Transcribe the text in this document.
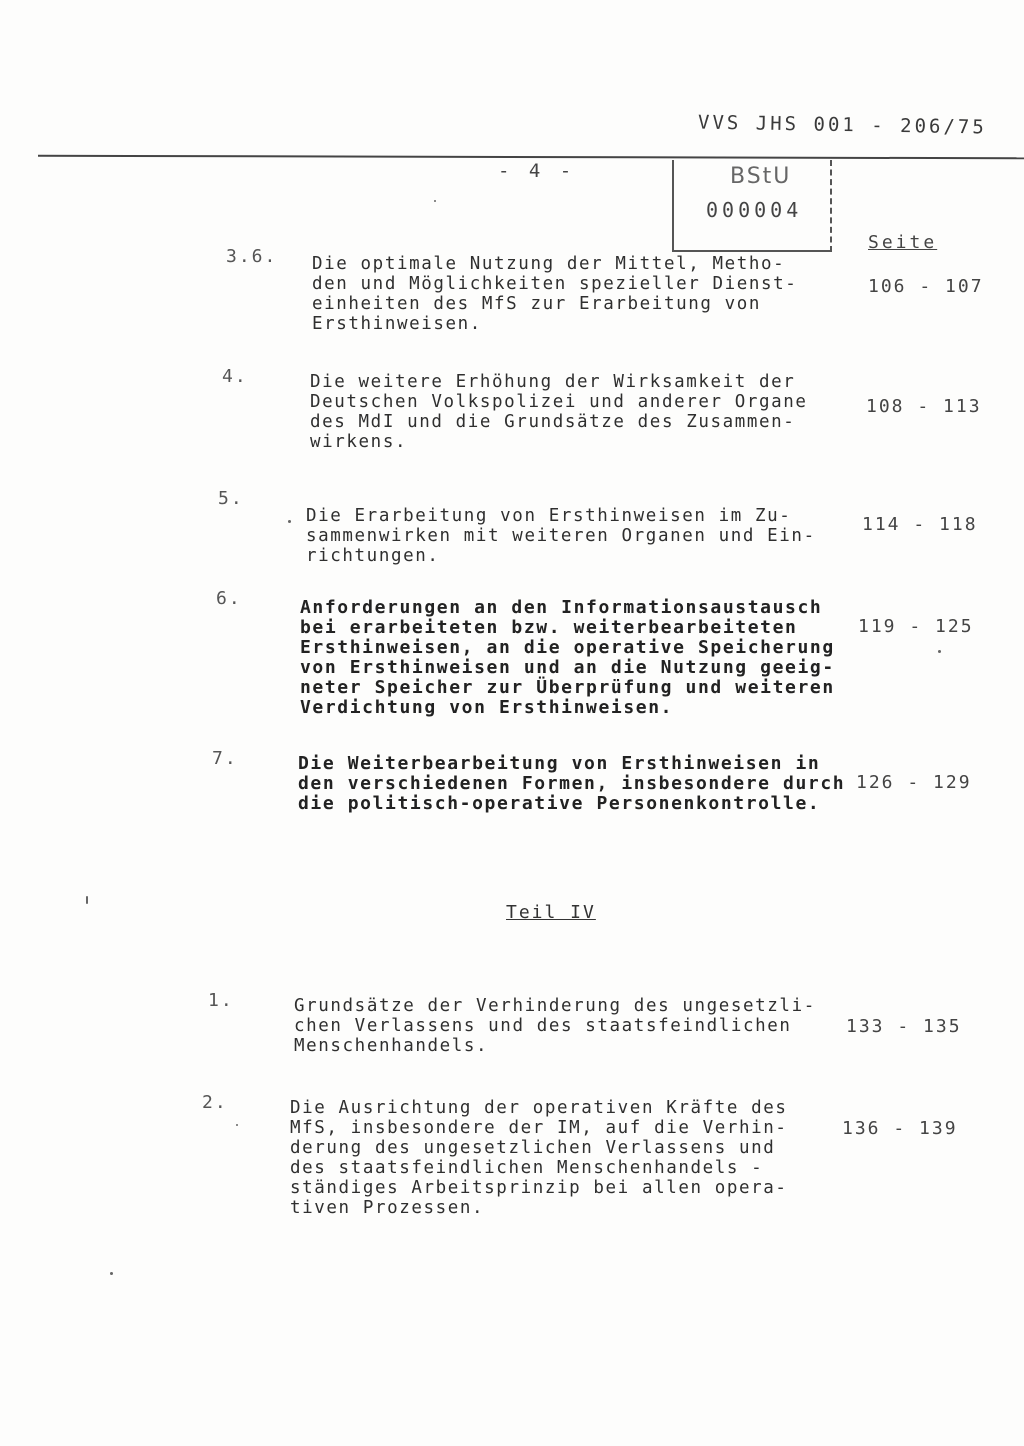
VVS JHS 001 - 206/75
- 4 -	BStU
000004
Seite
3.6. Die optimale Nutzung der Mittel, Metho-
den und Möglichkeiten spezieller Dienst-
einheiten des MfS zur Erarbeitung von
Ersthinweisen.
106 - 107
4.	Die weitere Erhöhung der Wirksamkeit der
Deutschen Volkspolizei und anderer Organe
des MdI und die Grundsätze des Zusammen-
wirkens.
108 - 113
5.
Die Erarbeitung von Ersthinweisen im Zu-
sammenwirken mit weiteren Organen und Ein-
richtungen.
114 - 118
6.	Anforderungen an den Informationsaustausch
bei erarbeiteten bzw. weiterbearbeiteten
Ersthinweisen, an die operative Speicherung
von Ersthinweisen und an die Nutzung geeig-
neter Speicher zur Überprüfung und weiteren
Verdichtung von Ersthinweisen.
119 - 125
7.	Die Weiterbearbeitung von Ersthinweisen in
den verschiedenen Formen, insbesondere durch
die politisch-operative Personenkontrolle.
126 - 129
Teil IV
1.	Grundsätze der Verhinderung des ungesetzli-
chen Verlassens und des staatsfeindlichen
Menschenhandels.
133 - 135
2.	Die Ausrichtung der operativen Kräfte des
MfS, insbesondere der IM, auf die Verhin-
derung des ungesetzlichen Verlassens und
des staatsfeindlichen Menschenhandels -
ständiges Arbeitsprinzip bei allen opera-
tiven Prozessen.
136 - 139
